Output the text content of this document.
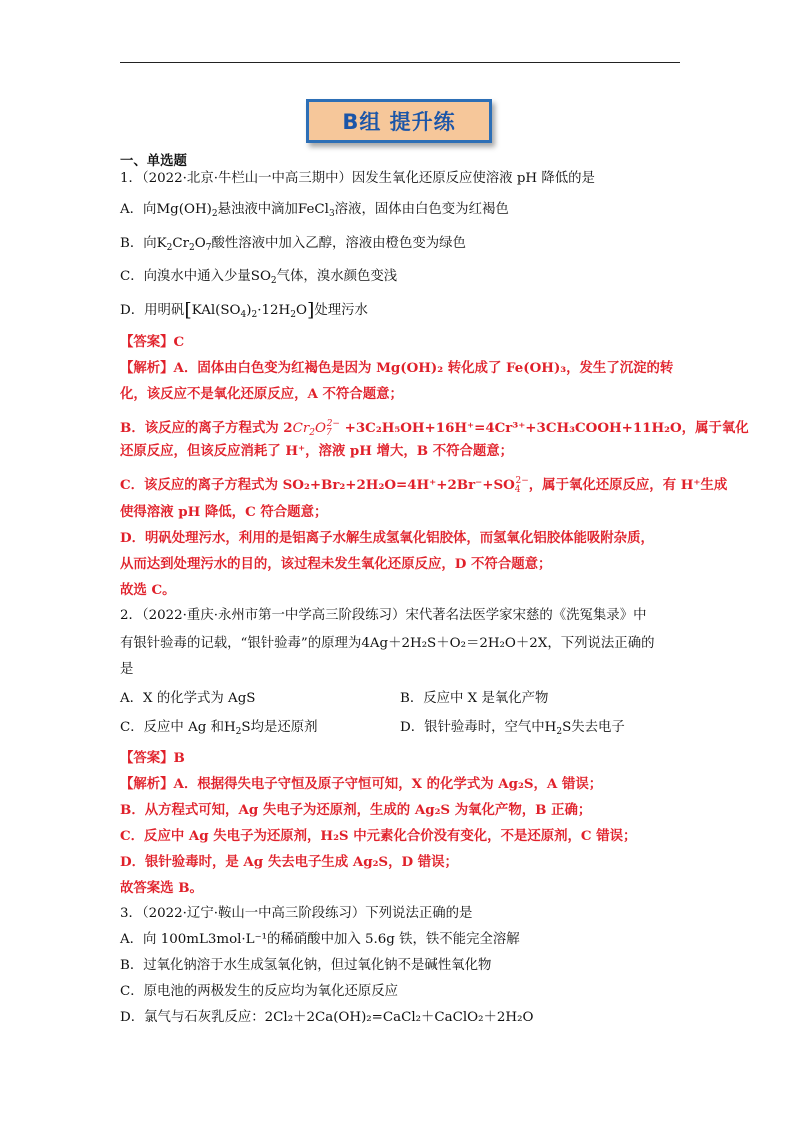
B组 提升练
一、单选题
1．（2022·北京·牛栏山一中高三期中）因发生氧化还原反应使溶液 pH 降低的是
A．向$Mg(OH)_2$悬浊液中滴加FeCl$_3$溶液，固体由白色变为红褐色
B．向$K_2Cr_2O_7$酸性溶液中加入乙醇，溶液由橙色变为绿色
C．向溴水中通入少量$SO_2$气体，溴水颜色变浅
D．用明矾$[KAl(SO_4)_2\cdot 12H_2O]$处理污水
【答案】C
【解析】A．固体由白色变为红褐色是因为 Mg(OH)₂ 转化成了 Fe(OH)₃，发生了沉淀的转
化，该反应不是氧化还原反应，A 不符合题意；
B．该反应的离子方程式为 $2Cr_2O_7^{2-}$ +3C₂H₅OH+16H⁺=4Cr³⁺+3CH₃COOH+11H₂O，属于氧化
还原反应，但该反应消耗了 H⁺，溶液 pH 增大，B 不符合题意；
C．该反应的离子方程式为 $SO_2+Br_2+2H_2O=4H^++2Br^-+SO_4^{2-}$，属于氧化还原反应，有 H⁺生成
使得溶液 pH 降低，C 符合题意；
D．明矾处理污水，利用的是铝离子水解生成氢氧化铝胶体，而氢氧化铝胶体能吸附杂质，
从而达到处理污水的目的，该过程未发生氧化还原反应，D 不符合题意；
故选 C。
2．（2022·重庆·永州市第一中学高三阶段练习）宋代著名法医学家宋慈的《洗冤集录》中
有银针验毒的记载，“银针验毒”的原理为4Ag＋2H₂S＋O₂＝2H₂O＋2X，下列说法正确的
是
A．X 的化学式为 AgS	B．反应中 X 是氧化产物
C．反应中 Ag 和$H_2S$均是还原剂	D．银针验毒时，空气中$H_2S$失去电子
【答案】B
【解析】A．根据得失电子守恒及原子守恒可知，X 的化学式为 Ag₂S，A 错误；
B．从方程式可知，Ag 失电子为还原剂，生成的 Ag₂S 为氧化产物，B 正确；
C．反应中 Ag 失电子为还原剂，H₂S 中元素化合价没有变化，不是还原剂，C 错误；
D．银针验毒时，是 Ag 失去电子生成 Ag₂S，D 错误；
故答案选 B。
3．（2022·辽宁·鞍山一中高三阶段练习）下列说法正确的是
A．向 100mL3mol·L⁻¹的稀硝酸中加入 5.6g 铁，铁不能完全溶解
B．过氧化钠溶于水生成氢氧化钠，但过氧化钠不是碱性氧化物
C．原电池的两极发生的反应均为氧化还原反应
D．氯气与石灰乳反应：2Cl₂＋2Ca(OH)₂=CaCl₂＋CaClO₂＋2H₂O
